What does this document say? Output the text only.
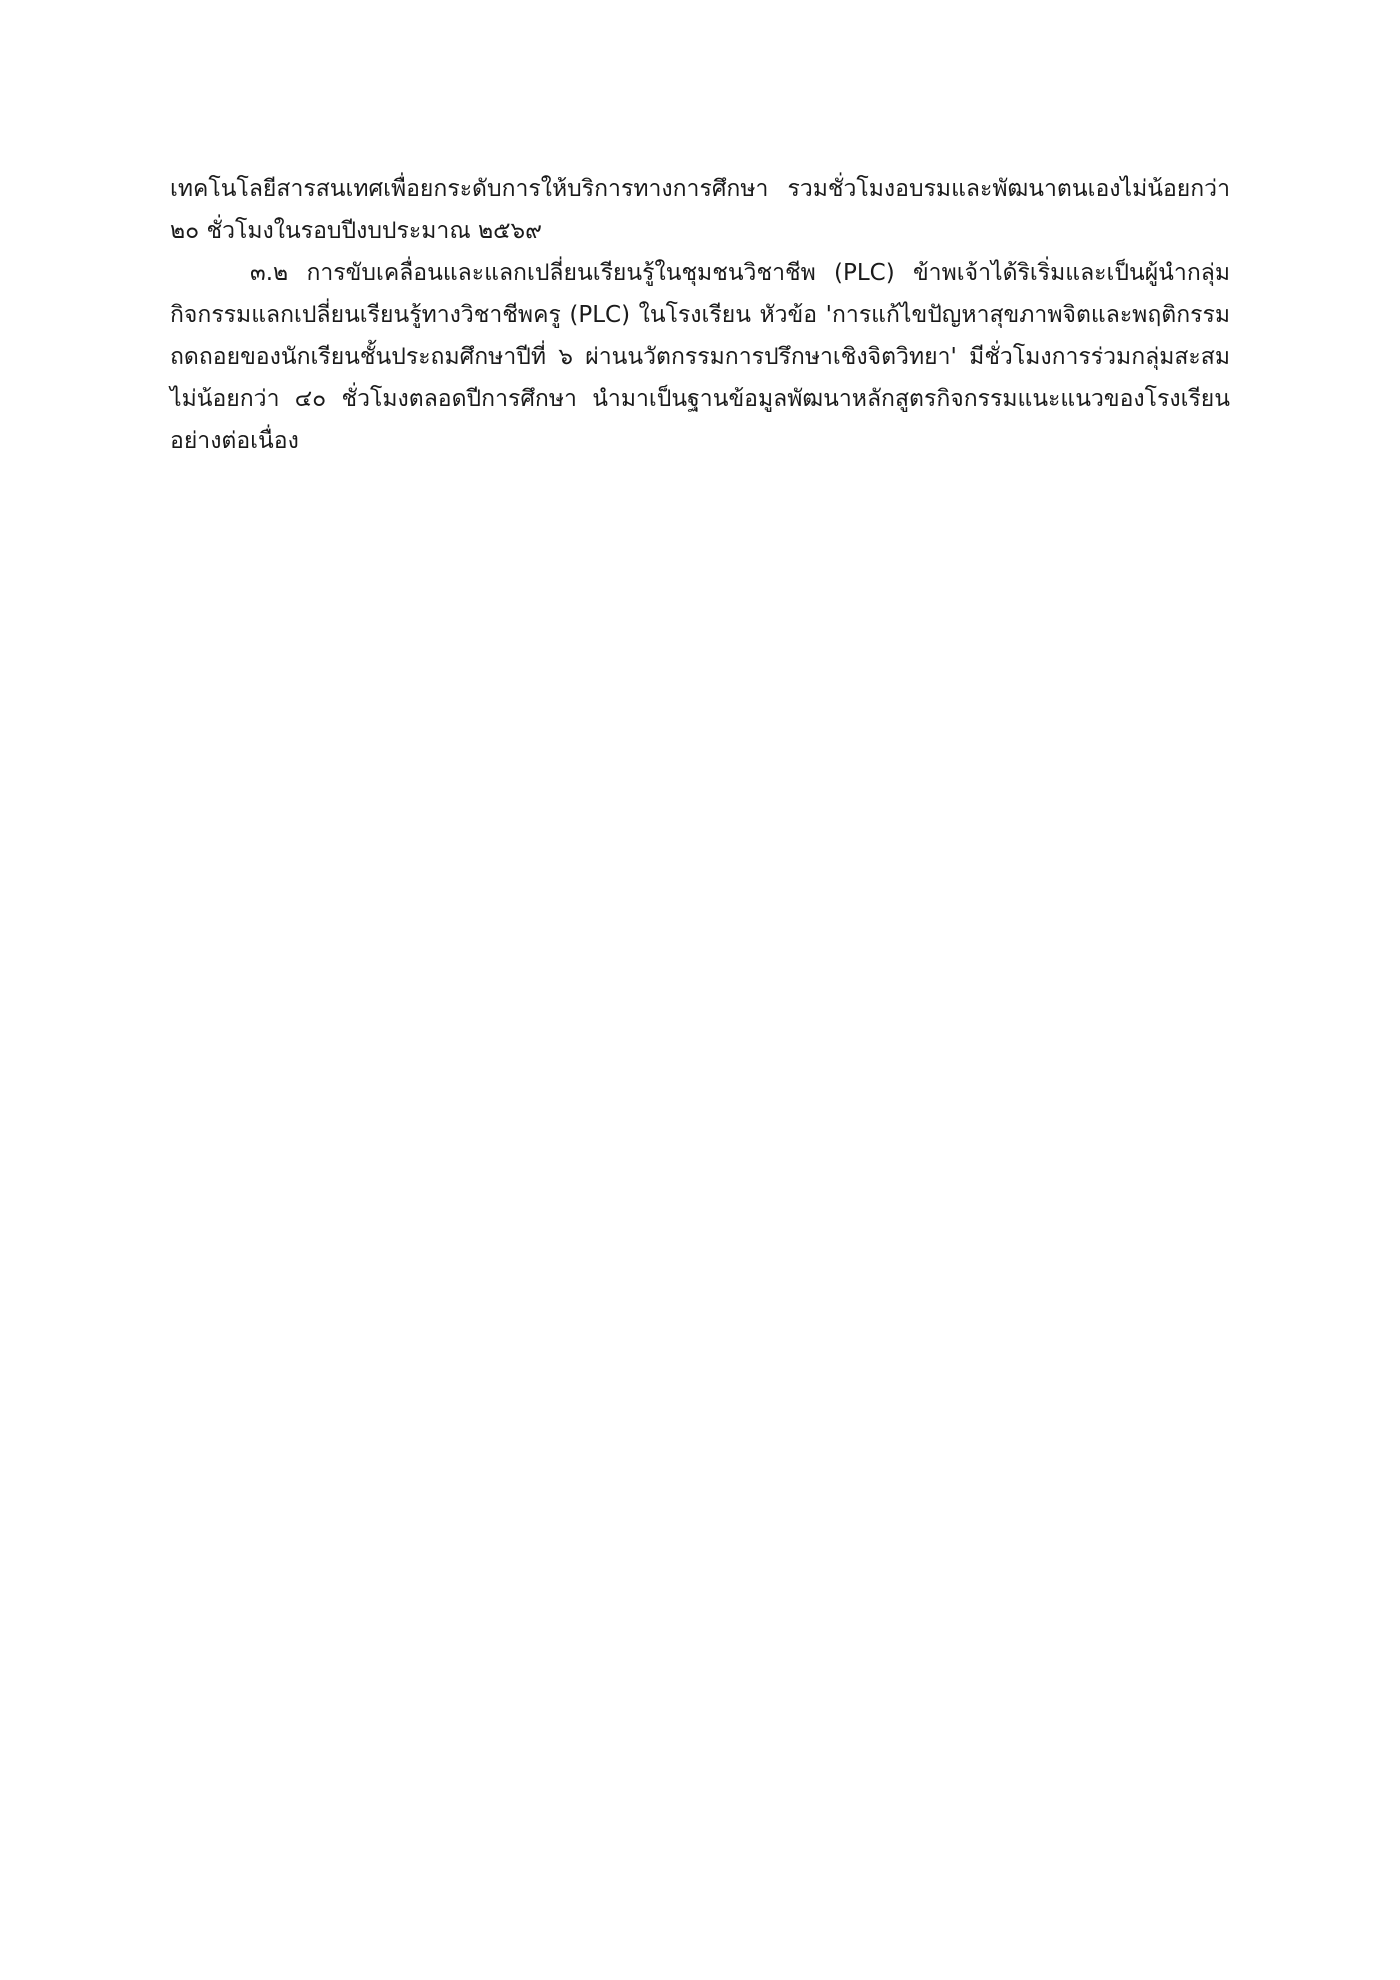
เทคโนโลยีสารสนเทศเพื่อยกระดับการให้บริการทางการศึกษา รวมชั่วโมงอบรมและพัฒนาตนเองไม่น้อยกว่า
๒๐ ชั่วโมงในรอบปีงบประมาณ ๒๕๖๙
๓.๒ การขับเคลื่อนและแลกเปลี่ยนเรียนรู้ในชุมชนวิชาชีพ (PLC) ข้าพเจ้าได้ริเริ่มและเป็นผู้นำกลุ่ม
กิจกรรมแลกเปลี่ยนเรียนรู้ทางวิชาชีพครู (PLC) ในโรงเรียน หัวข้อ 'การแก้ไขปัญหาสุขภาพจิตและพฤติกรรม
ถดถอยของนักเรียนชั้นประถมศึกษาปีที่ ๖ ผ่านนวัตกรรมการปรึกษาเชิงจิตวิทยา' มีชั่วโมงการร่วมกลุ่มสะสม
ไม่น้อยกว่า ๔๐ ชั่วโมงตลอดปีการศึกษา นำมาเป็นฐานข้อมูลพัฒนาหลักสูตรกิจกรรมแนะแนวของโรงเรียน
อย่างต่อเนื่อง
